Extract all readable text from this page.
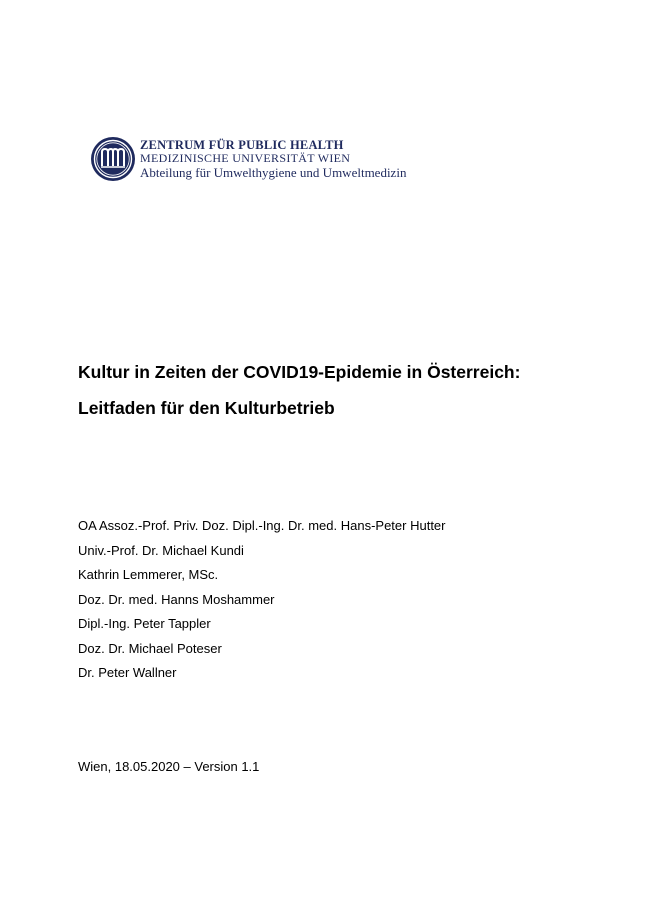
ZENTRUM FÜR PUBLIC HEALTH
MEDIZINISCHE UNIVERSITÄT WIEN
Abteilung für Umwelthygiene und Umweltmedizin
Kultur in Zeiten der COVID19-Epidemie in Österreich:
Leitfaden für den Kulturbetrieb
OA Assoz.-Prof. Priv. Doz. Dipl.-Ing. Dr. med. Hans-Peter Hutter
Univ.-Prof. Dr. Michael Kundi
Kathrin Lemmerer, MSc.
Doz. Dr. med. Hanns Moshammer
Dipl.-Ing. Peter Tappler
Doz. Dr. Michael Poteser
Dr. Peter Wallner
Wien, 18.05.2020 – Version 1.1
